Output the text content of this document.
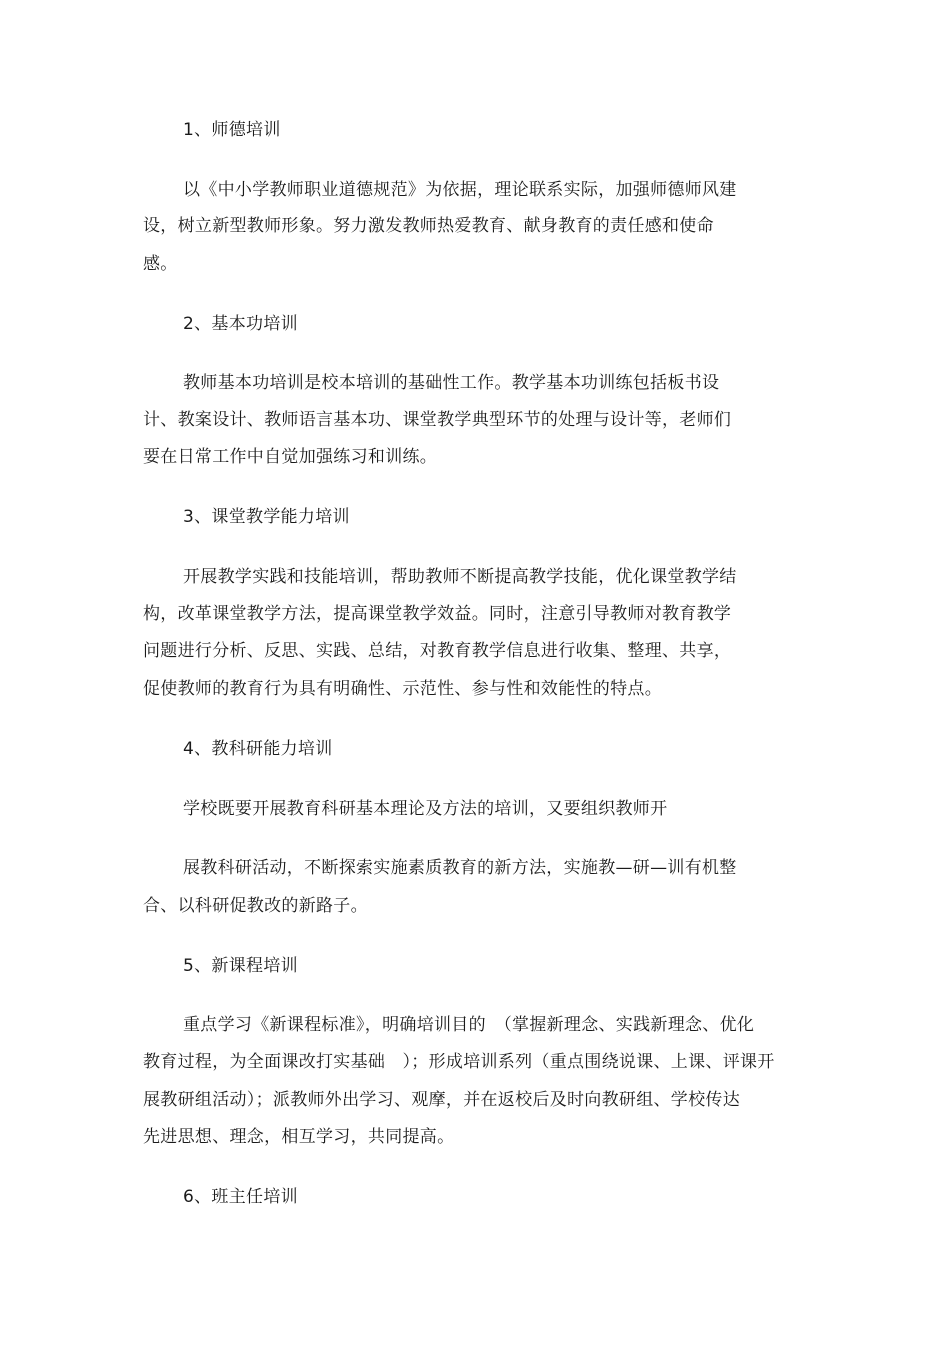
1、师德培训
以《中小学教师职业道德规范》为依据，理论联系实际，加强师德师风建
设，树立新型教师形象。努力激发教师热爱教育、献身教育的责任感和使命
感。
2、基本功培训
教师基本功培训是校本培训的基础性工作。教学基本功训练包括板书设
计、教案设计、教师语言基本功、课堂教学典型环节的处理与设计等，老师们
要在日常工作中自觉加强练习和训练。
3、课堂教学能力培训
开展教学实践和技能培训，帮助教师不断提高教学技能，优化课堂教学结
构，改革课堂教学方法，提高课堂教学效益。同时，注意引导教师对教育教学
问题进行分析、反思、实践、总结，对教育教学信息进行收集、整理、共享，
促使教师的教育行为具有明确性、示范性、参与性和效能性的特点。
4、教科研能力培训
学校既要开展教育科研基本理论及方法的培训，又要组织教师开
展教科研活动，不断探索实施素质教育的新方法，实施教—研—训有机整
合、以科研促教改的新路子。
5、新课程培训
重点学习《新课程标准》，明确培训目的　（掌握新理念、实践新理念、优化
教育过程，为全面课改打实基础　）；形成培训系列（重点围绕说课、上课、评课开
展教研组活动）；派教师外出学习、观摩，并在返校后及时向教研组、学校传达
先进思想、理念，相互学习，共同提高。
6、班主任培训
